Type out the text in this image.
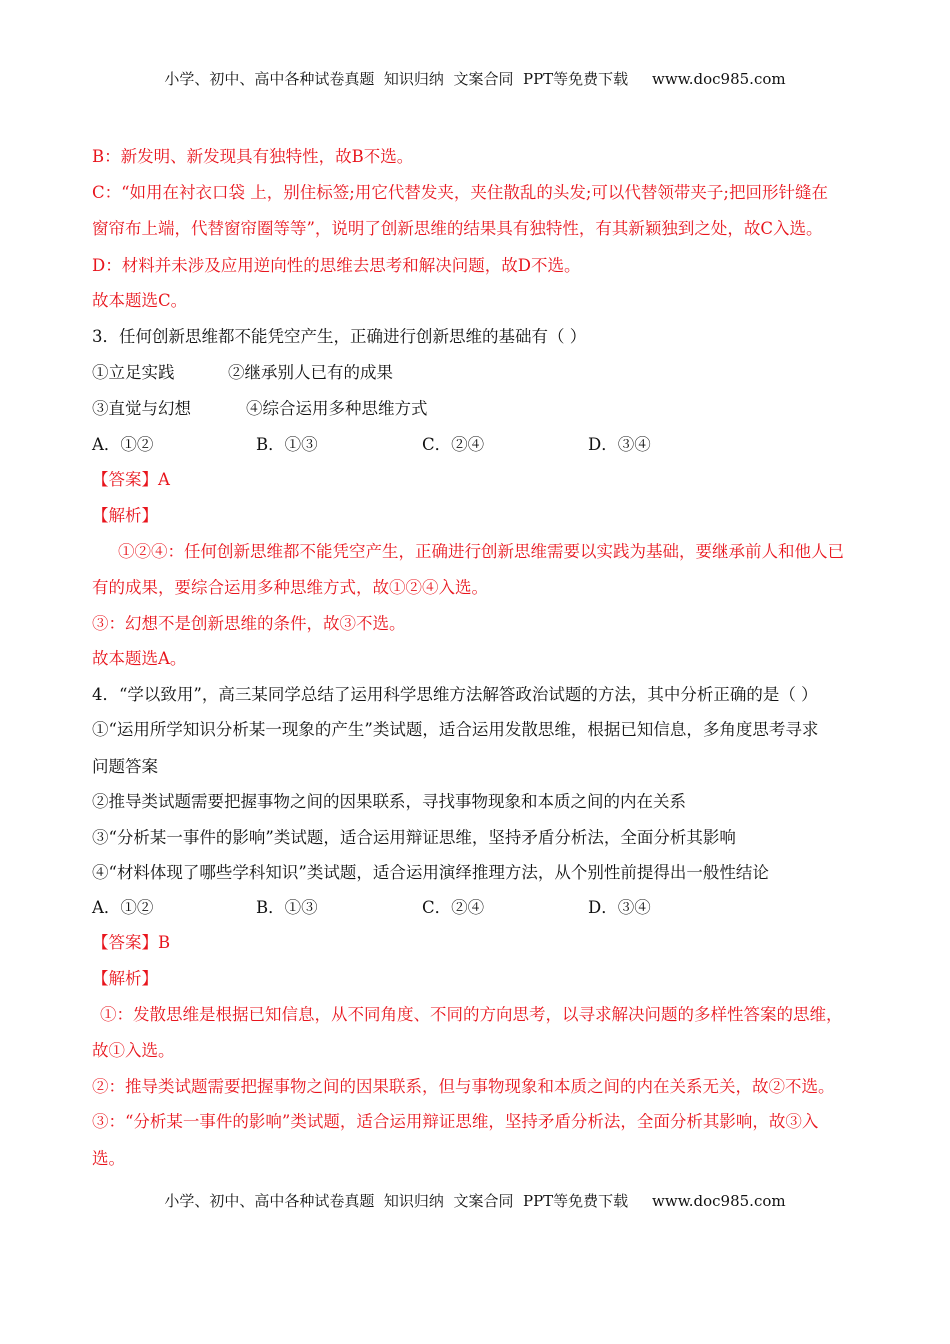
小学、初中、高中各种试卷真题  知识归纳  文案合同  PPT等免费下载     www.doc985.com
B：新发明、新发现具有独特性，故B不选。
C：“如用在衬衣口袋 上，别住标签;用它代替发夹，夹住散乱的头发;可以代替领带夹子;把回形针缝在
窗帘布上端，代替窗帘圈等等”，说明了创新思维的结果具有独特性，有其新颖独到之处，故C入选。
D：材料并未涉及应用逆向性的思维去思考和解决问题，故D不选。
故本题选C。
3．任何创新思维都不能凭空产生，正确进行创新思维的基础有（ ）
①立足实践	②继承别人已有的成果
③直觉与幻想	④综合运用多种思维方式
A．①②	B．①③	C．②④	D．③④
【答案】A
【解析】
①②④：任何创新思维都不能凭空产生，正确进行创新思维需要以实践为基础，要继承前人和他人已
有的成果，要综合运用多种思维方式，故①②④入选。
③：幻想不是创新思维的条件，故③不选。
故本题选A。
4．“学以致用”，高三某同学总结了运用科学思维方法解答政治试题的方法，其中分析正确的是（ ）
①“运用所学知识分析某一现象的产生”类试题，适合运用发散思维，根据已知信息，多角度思考寻求
问题答案
②推导类试题需要把握事物之间的因果联系，寻找事物现象和本质之间的内在关系
③“分析某一事件的影响”类试题，适合运用辩证思维，坚持矛盾分析法，全面分析其影响
④“材料体现了哪些学科知识”类试题，适合运用演绎推理方法，从个别性前提得出一般性结论
A．①②	B．①③	C．②④	D．③④
【答案】B
【解析】
①：发散思维是根据已知信息，从不同角度、不同的方向思考，以寻求解决问题的多样性答案的思维，
故①入选。
②：推导类试题需要把握事物之间的因果联系，但与事物现象和本质之间的内在关系无关，故②不选。
③：“分析某一事件的影响”类试题，适合运用辩证思维，坚持矛盾分析法，全面分析其影响，故③入
选。
小学、初中、高中各种试卷真题  知识归纳  文案合同  PPT等免费下载     www.doc985.com
